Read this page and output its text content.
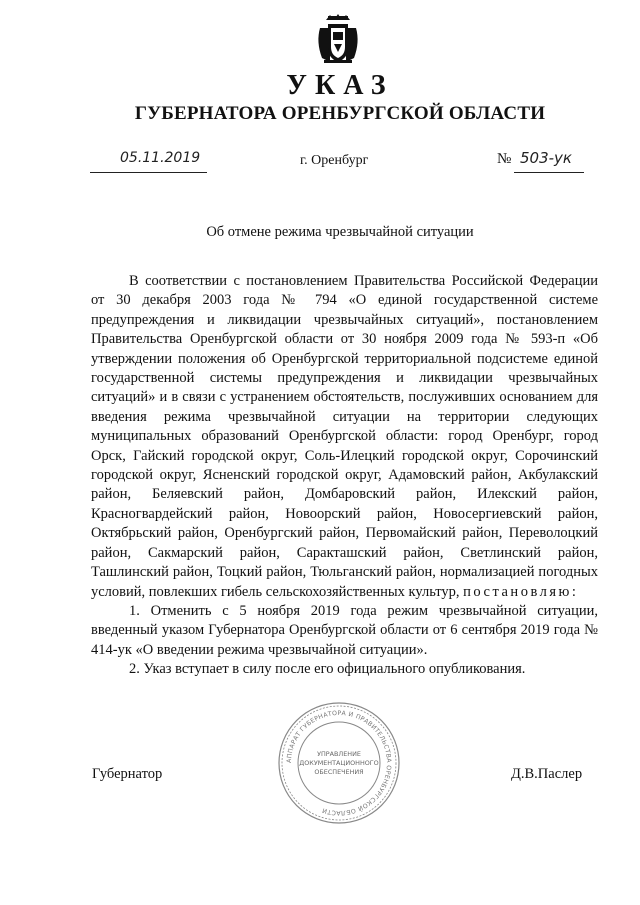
УКАЗ
ГУБЕРНАТОРА ОРЕНБУРГСКОЙ ОБЛАСТИ
05.11.2019	г. Оренбург	№ 503-ук
Об отмене режима чрезвычайной ситуации

В соответствии с постановлением Правительства Российской Федерации от 30 декабря 2003 года № 794 «О единой государственной системе предупреждения и ликвидации чрезвычайных ситуаций», постановлением Правительства Оренбургской области от 30 ноября 2009 года № 593-п «Об утверждении положения об Оренбургской территориальной подсистеме единой государственной системы предупреждения и ликвидации чрезвычайных ситуаций» и в связи с устранением обстоятельств, послуживших основанием для введения режима чрезвычайной ситуации на территории следующих муниципальных образований Оренбургской области: город Оренбург, город Орск, Гайский городской округ, Соль-Илецкий городской округ, Сорочинский городской округ, Ясненский городской округ, Адамовский район, Акбулакский район, Беляевский район, Домбаровский район, Илекский район, Красногвардейский район, Новоорский район, Новосергиевский район, Октябрьский район, Оренбургский район, Первомайский район, Переволоцкий район, Сакмарский район, Саракташский район, Светлинский район, Ташлинский район, Тоцкий район, Тюльганский район, нормализацией погодных условий, повлекших гибель сельскохозяйственных культур, постановляю:

1. Отменить с 5 ноября 2019 года режим чрезвычайной ситуации, введенный указом Губернатора Оренбургской области от 6 сентября 2019 года № 414-ук «О введении режима чрезвычайной ситуации».

2. Указ вступает в силу после его официального опубликования.

Губернатор	Д.В.Паслер
АППАРАТ ГУБЕРНАТОРА И ПРАВИТЕЛЬСТВА ОРЕНБУРГСКОЙ ОБЛАСТИ
УПРАВЛЕНИЕ
ДОКУМЕНТАЦИОННОГО
ОБЕСПЕЧЕНИЯ
